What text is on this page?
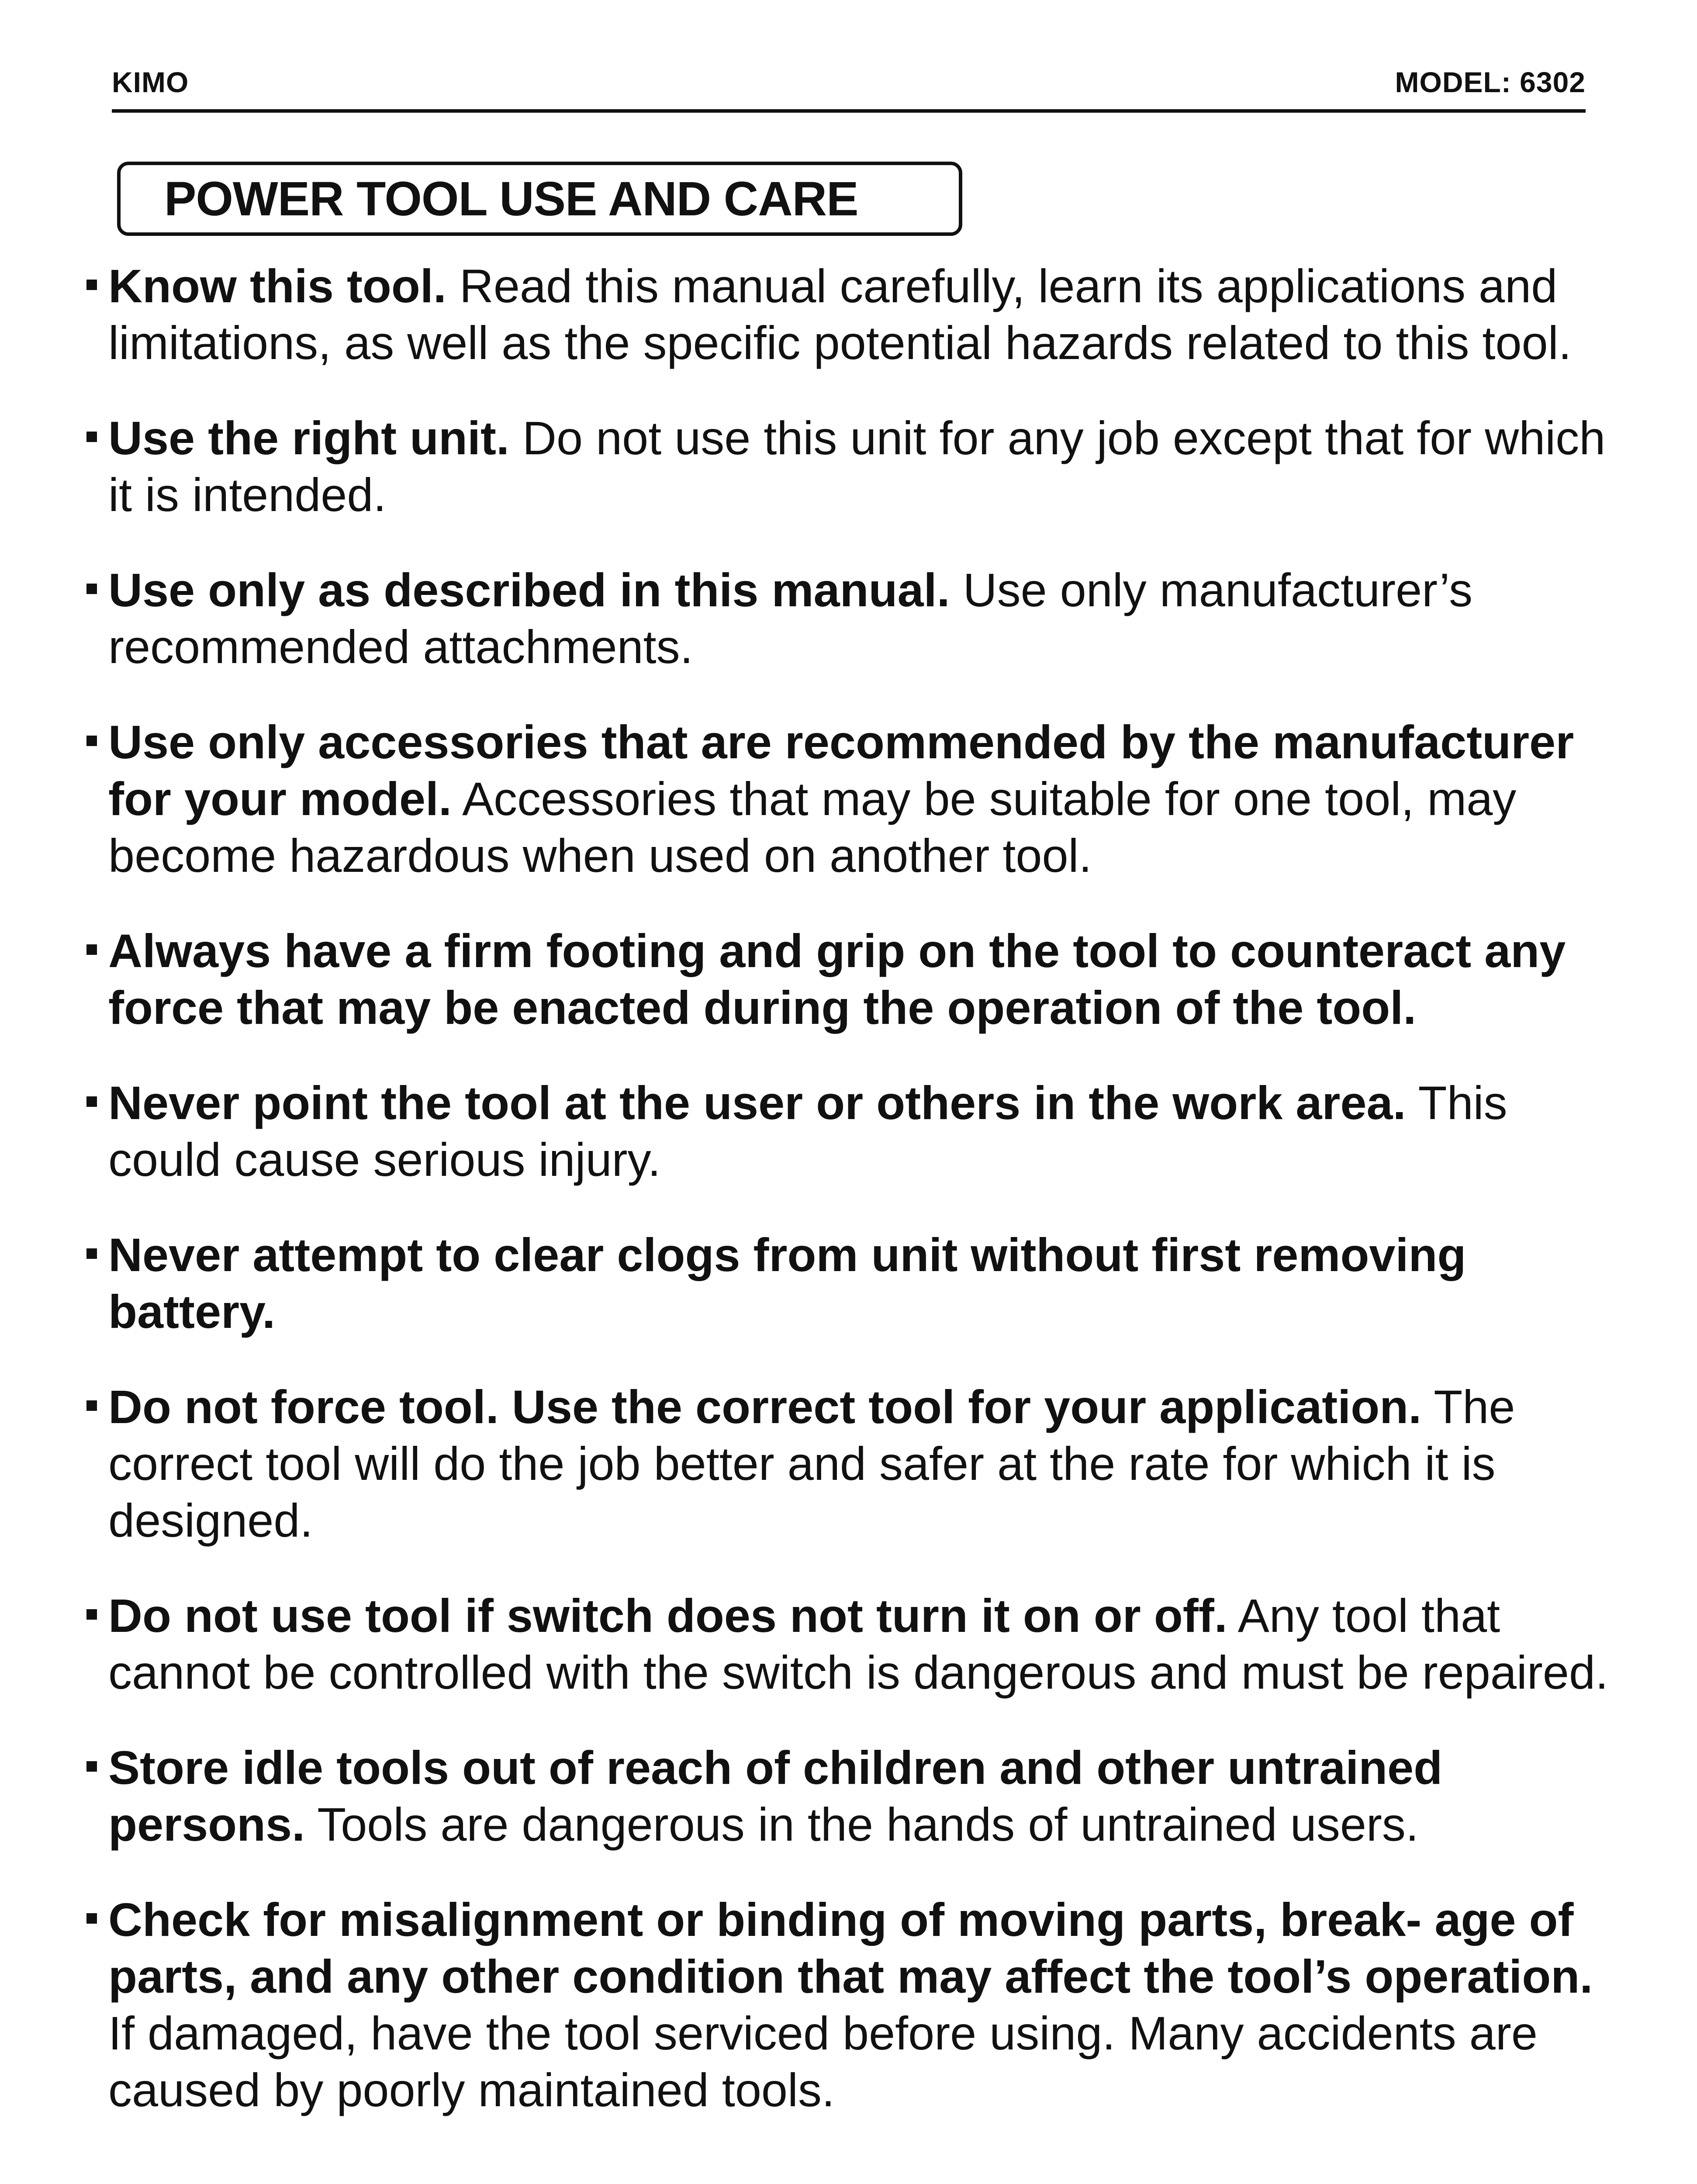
KIMO	MODEL: 6302
POWER TOOL USE AND CARE
Know this tool. Read this manual carefully, learn its applications and limitations, as well as the specific potential hazards related to this tool.
Use the right unit. Do not use this unit for any job except that for which it is intended.
Use only as described in this manual. Use only manufacturer’s recommended attachments.
Use only accessories that are recommended by the manufacturer for your model. Accessories that may be suitable for one tool, may become hazardous when used on another tool.
Always have a firm footing and grip on the tool to counteract any force that may be enacted during the operation of the tool.
Never point the tool at the user or others in the work area. This could cause serious injury.
Never attempt to clear clogs from unit without first removing battery.
Do not force tool. Use the correct tool for your application. The correct tool will do the job better and safer at the rate for which it is designed.
Do not use tool if switch does not turn it on or off. Any tool that cannot be controlled with the switch is dangerous and must be repaired.
Store idle tools out of reach of children and other untrained persons. Tools are dangerous in the hands of untrained users.
Check for misalignment or binding of moving parts, break- age of parts, and any other condition that may affect the tool’s operation. If damaged, have the tool serviced before using. Many accidents are caused by poorly maintained tools.
